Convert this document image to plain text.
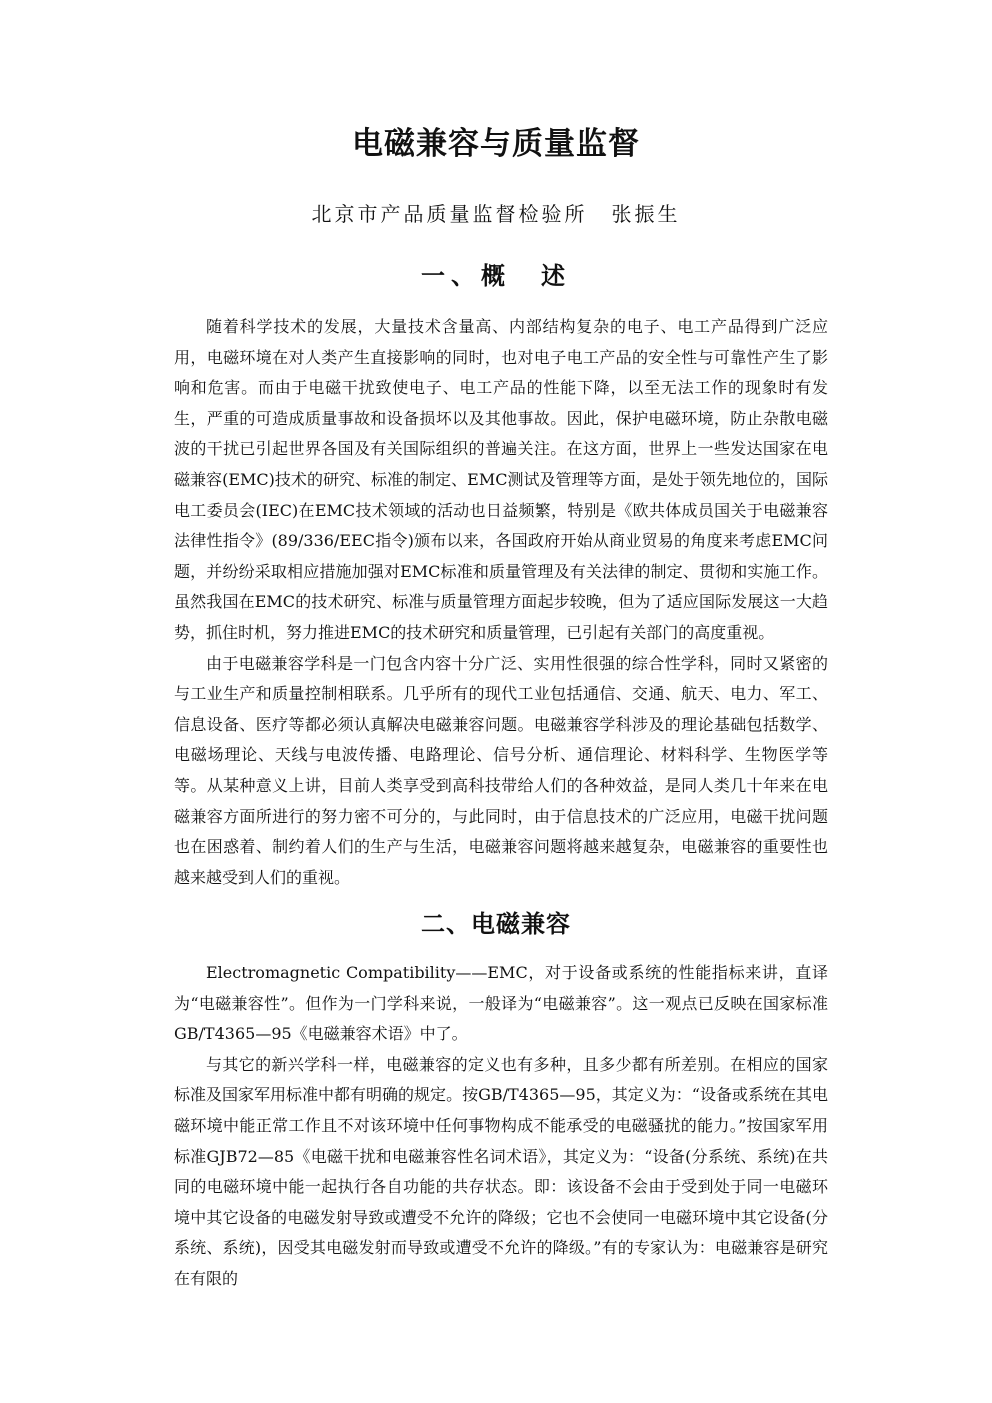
电磁兼容与质量监督
北京市产品质量监督检验所 张振生
一、概　述

随着科学技术的发展，大量技术含量高、内部结构复杂的电子、电工产品得到广泛应用，电磁环境在对人类产生直接影响的同时，也对电子电工产品的安全性与可靠性产生了影响和危害。而由于电磁干扰致使电子、电工产品的性能下降，以至无法工作的现象时有发生，严重的可造成质量事故和设备损坏以及其他事故。因此，保护电磁环境，防止杂散电磁波的干扰已引起世界各国及有关国际组织的普遍关注。在这方面，世界上一些发达国家在电磁兼容(EMC)技术的研究、标准的制定、EMC测试及管理等方面，是处于领先地位的，国际电工委员会(IEC)在EMC技术领域的活动也日益频繁，特别是《欧共体成员国关于电磁兼容法律性指令》(89/336/EEC指令)颁布以来，各国政府开始从商业贸易的角度来考虑EMC问题，并纷纷采取相应措施加强对EMC标准和质量管理及有关法律的制定、贯彻和实施工作。虽然我国在EMC的技术研究、标准与质量管理方面起步较晚，但为了适应国际发展这一大趋势，抓住时机，努力推进EMC的技术研究和质量管理，已引起有关部门的高度重视。

由于电磁兼容学科是一门包含内容十分广泛、实用性很强的综合性学科，同时又紧密的与工业生产和质量控制相联系。几乎所有的现代工业包括通信、交通、航天、电力、军工、信息设备、医疗等都必须认真解决电磁兼容问题。电磁兼容学科涉及的理论基础包括数学、电磁场理论、天线与电波传播、电路理论、信号分析、通信理论、材料科学、生物医学等等。从某种意义上讲，目前人类享受到高科技带给人们的各种效益，是同人类几十年来在电磁兼容方面所进行的努力密不可分的，与此同时，由于信息技术的广泛应用，电磁干扰问题也在困惑着、制约着人们的生产与生活，电磁兼容问题将越来越复杂，电磁兼容的重要性也越来越受到人们的重视。

二、电磁兼容

Electromagnetic Compatibility——EMC，对于设备或系统的性能指标来讲，直译为“电磁兼容性”。但作为一门学科来说，一般译为“电磁兼容”。这一观点已反映在国家标准GB/T4365—95《电磁兼容术语》中了。

与其它的新兴学科一样，电磁兼容的定义也有多种，且多少都有所差别。在相应的国家标准及国家军用标准中都有明确的规定。按GB/T4365—95，其定义为：“设备或系统在其电磁环境中能正常工作且不对该环境中任何事物构成不能承受的电磁骚扰的能力。”按国家军用标准GJB72—85《电磁干扰和电磁兼容性名词术语》，其定义为：“设备(分系统、系统)在共同的电磁环境中能一起执行各自功能的共存状态。即：该设备不会由于受到处于同一电磁环境中其它设备的电磁发射导致或遭受不允许的降级；它也不会使同一电磁环境中其它设备(分系统、系统)，因受其电磁发射而导致或遭受不允许的降级。”有的专家认为：电磁兼容是研究在有限的
